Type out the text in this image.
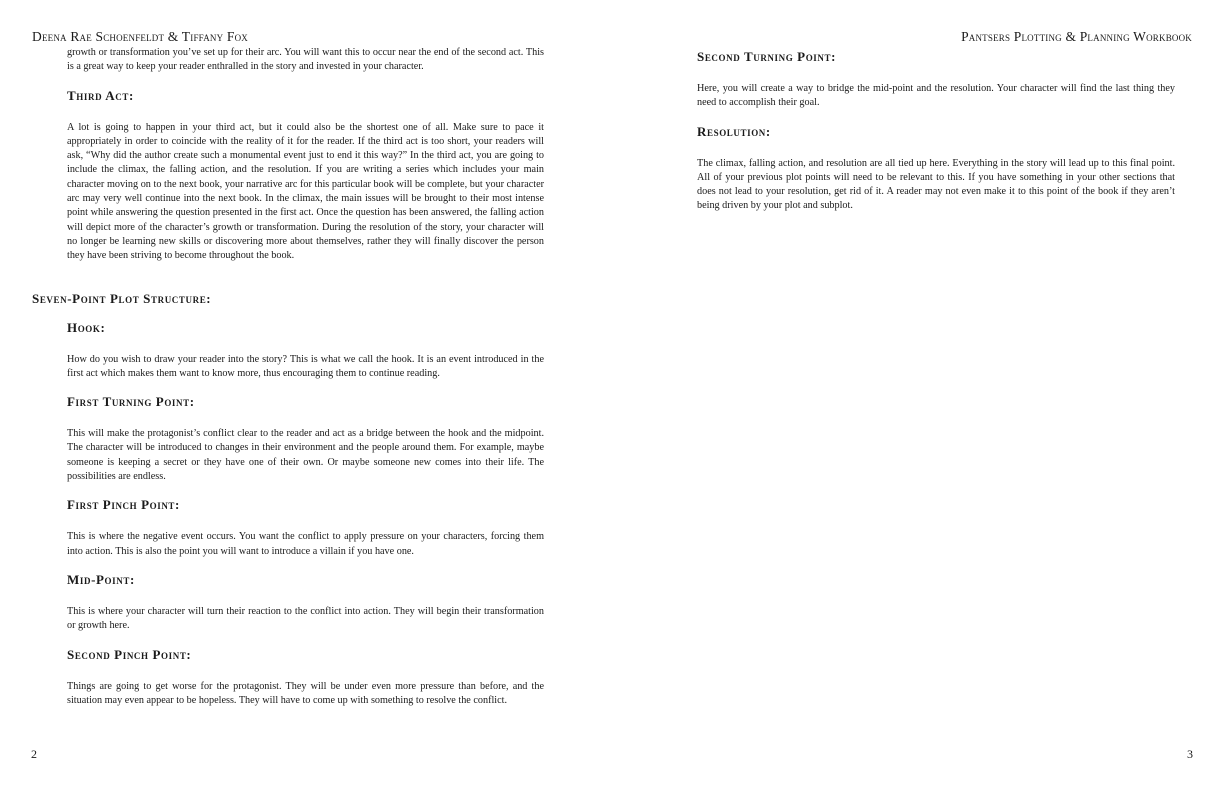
Deena Rae Schoenfeldt & Tiffany Fox

growth or transformation you’ve set up for their arc. You will want this to occur near the end of the second act. This is a great way to keep your reader enthralled in the story and invested in your character.

Third Act:

A lot is going to happen in your third act, but it could also be the shortest one of all. Make sure to pace it appropriately in order to coincide with the reality of it for the reader. If the third act is too short, your readers will ask, “Why did the author create such a monumental event just to end it this way?” In the third act, you are going to include the climax, the falling action, and the resolution. If you are writing a series which includes your main character moving on to the next book, your narrative arc for this particular book will be complete, but your character arc may very well continue into the next book. In the climax, the main issues will be brought to their most intense point while answering the question presented in the first act. Once the question has been answered, the falling action will depict more of the character’s growth or transformation. During the resolution of the story, your character will no longer be learning new skills or discovering more about themselves, rather they will finally discover the person they have been striving to become throughout the book.

Seven-Point Plot Structure:
Hook:

How do you wish to draw your reader into the story? This is what we call the hook. It is an event introduced in the first act which makes them want to know more, thus encouraging them to continue reading.

First Turning Point:

This will make the protagonist’s conflict clear to the reader and act as a bridge between the hook and the midpoint. The character will be introduced to changes in their environment and the people around them. For example, maybe someone is keeping a secret or they have one of their own. Or maybe someone new comes into their life. The possibilities are endless.

First Pinch Point:

This is where the negative event occurs. You want the conflict to apply pressure on your characters, forcing them into action. This is also the point you will want to introduce a villain if you have one.

Mid-Point:

This is where your character will turn their reaction to the conflict into action. They will begin their transformation or growth here.

Second Pinch Point:

Things are going to get worse for the protagonist. They will be under even more pressure than before, and the situation may even appear to be hopeless. They will have to come up with something to resolve the conflict.

2
Pantsers Plotting & Planning Workbook
Second Turning Point:

Here, you will create a way to bridge the mid-point and the resolution. Your character will find the last thing they need to accomplish their goal.

Resolution:

The climax, falling action, and resolution are all tied up here. Everything in the story will lead up to this final point. All of your previous plot points will need to be relevant to this. If you have something in your other sections that does not lead to your resolution, get rid of it. A reader may not even make it to this point of the book if they aren’t being driven by your plot and subplot.

3
